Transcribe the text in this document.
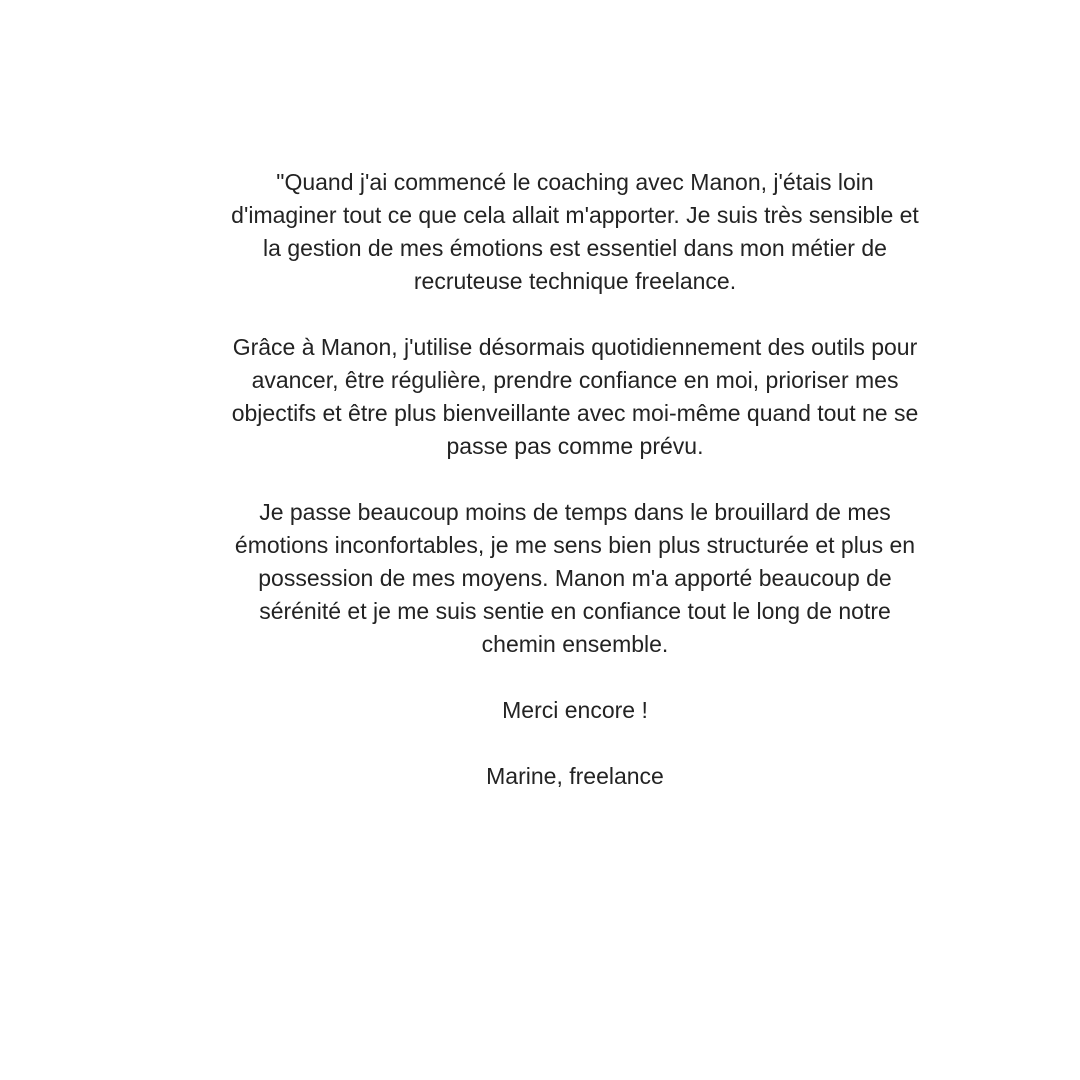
"Quand j'ai commencé le coaching avec Manon, j'étais loin d'imaginer tout ce que cela allait m'apporter. Je suis très sensible et la gestion de mes émotions est essentiel dans mon métier de recruteuse technique freelance.

Grâce à Manon, j'utilise désormais quotidiennement des outils pour avancer, être régulière, prendre confiance en moi, prioriser mes objectifs et être plus bienveillante avec moi-même quand tout ne se passe pas comme prévu.

Je passe beaucoup moins de temps dans le brouillard de mes émotions inconfortables, je me sens bien plus structurée et plus en possession de mes moyens. Manon m'a apporté beaucoup de sérénité et je me suis sentie en confiance tout le long de notre chemin ensemble.

Merci encore !

Marine, freelance
